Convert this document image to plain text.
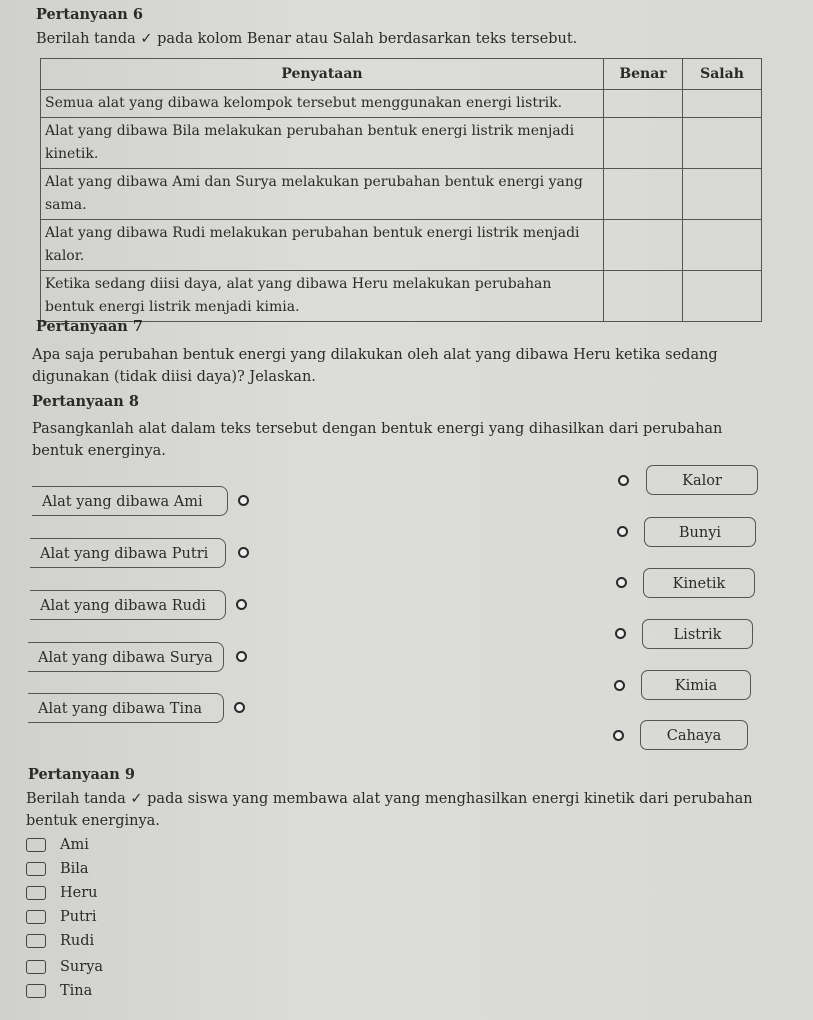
Pertanyaan 6
Berilah tanda ✓ pada kolom Benar atau Salah berdasarkan teks tersebut.
Penyataan	Benar	Salah
Semua alat yang dibawa kelompok tersebut menggunakan energi listrik.		
Alat yang dibawa Bila melakukan perubahan bentuk energi listrik menjadi kinetik.		
Alat yang dibawa Ami dan Surya melakukan perubahan bentuk energi yang sama.		
Alat yang dibawa Rudi melakukan perubahan bentuk energi listrik menjadi kalor.		
Ketika sedang diisi daya, alat yang dibawa Heru melakukan perubahan bentuk energi listrik menjadi kimia.		
Pertanyaan 7
Apa saja perubahan bentuk energi yang dilakukan oleh alat yang dibawa Heru ketika sedang digunakan (tidak diisi daya)? Jelaskan.
Pertanyaan 8
Pasangkanlah alat dalam teks tersebut dengan bentuk energi yang dihasilkan dari perubahan bentuk energinya.
Alat yang dibawa Ami
Alat yang dibawa Putri
Alat yang dibawa Rudi
Alat yang dibawa Surya
Alat yang dibawa Tina
Kalor
Bunyi
Kinetik
Listrik
Kimia
Cahaya
Pertanyaan 9
Berilah tanda ✓ pada siswa yang membawa alat yang menghasilkan energi kinetik dari perubahan bentuk energinya.
Ami
Bila
Heru
Putri
Rudi
Surya
Tina
